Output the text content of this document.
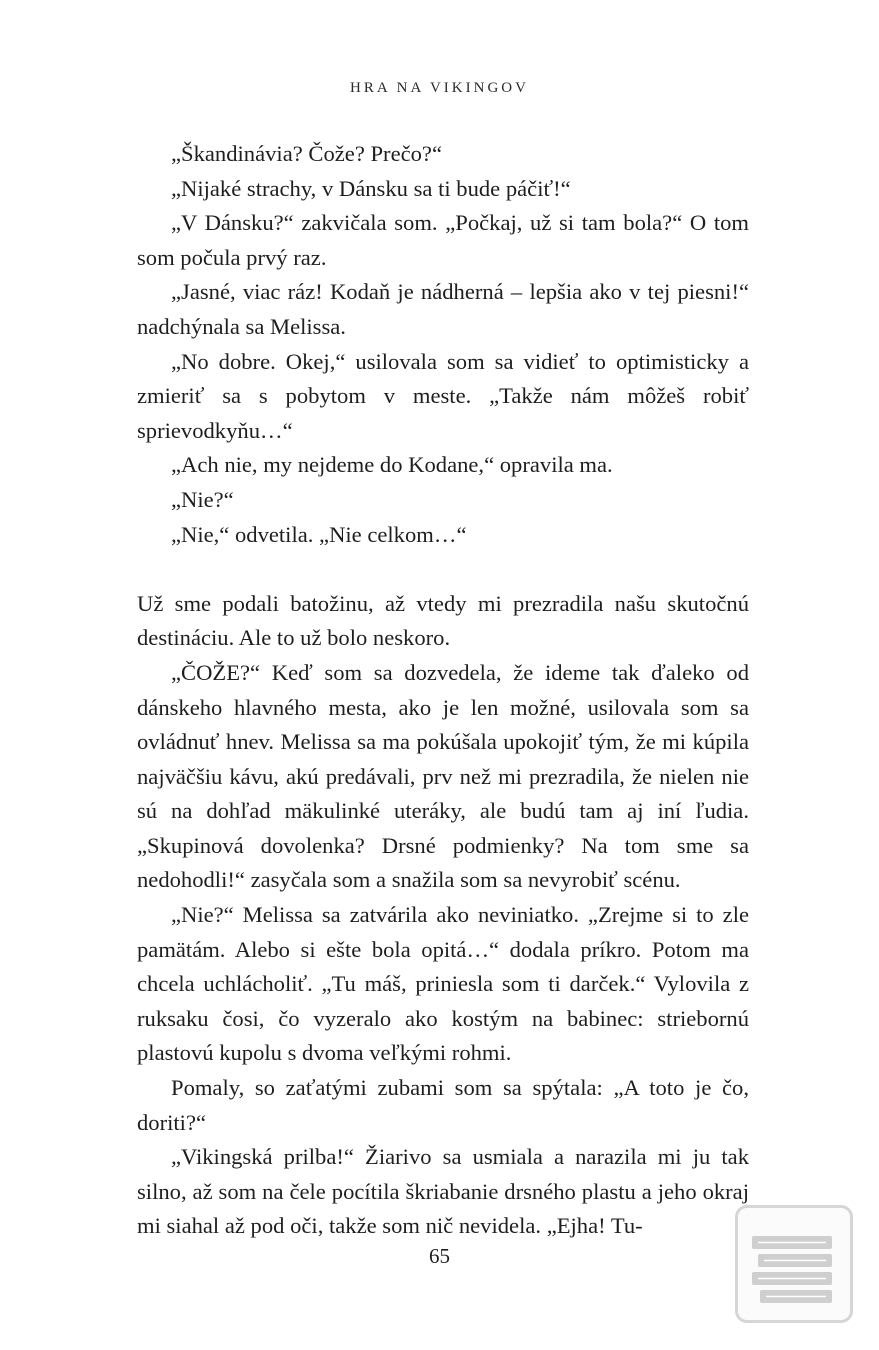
HRA NA VIKINGOV

„Škandinávia? Čože? Prečo?“

„Nijaké strachy, v Dánsku sa ti bude páčiť!“

„V Dánsku?“ zakvičala som. „Počkaj, už si tam bola?“ O tom som počula prvý raz.

„Jasné, viac ráz! Kodaň je nádherná – lepšia ako v tej piesni!“ nadchýnala sa Melissa.

„No dobre. Okej,“ usilovala som sa vidieť to optimisticky a zmieriť sa s pobytom v meste. „Takže nám môžeš robiť sprievodkyňu…“

„Ach nie, my nejdeme do Kodane,“ opravila ma.

„Nie?“

„Nie,“ odvetila. „Nie celkom…“

Už sme podali batožinu, až vtedy mi prezradila našu skutočnú destináciu. Ale to už bolo neskoro.

„ČOŽE?“ Keď som sa dozvedela, že ideme tak ďaleko od dánskeho hlavného mesta, ako je len možné, usilovala som sa ovládnuť hnev. Melissa sa ma pokúšala upokojiť tým, že mi kúpila najväčšiu kávu, akú predávali, prv než mi prezradila, že nielen nie sú na dohľad mäkulinké uteráky, ale budú tam aj iní ľudia. „Skupinová dovolenka? Drsné podmienky? Na tom sme sa nedohodli!“ zasyčala som a snažila som sa nevyrobiť scénu.

„Nie?“ Melissa sa zatvárila ako neviniatko. „Zrejme si to zle pamätám. Alebo si ešte bola opitá…“ dodala príkro. Potom ma chcela uchlácholiť. „Tu máš, priniesla som ti darček.“ Vylovila z ruksaku čosi, čo vyzeralo ako kostým na babinec: striebornú plastovú kupolu s dvoma veľkými rohmi.

Pomaly, so zaťatými zubami som sa spýtala: „A toto je čo, doriti?“

„Vikingská prilba!“ Žiarivo sa usmiala a narazila mi ju tak silno, až som na čele pocítila škriabanie drsného plastu a jeho okraj mi siahal až pod oči, takže som nič nevidela. „Ejha! Tu-

65
